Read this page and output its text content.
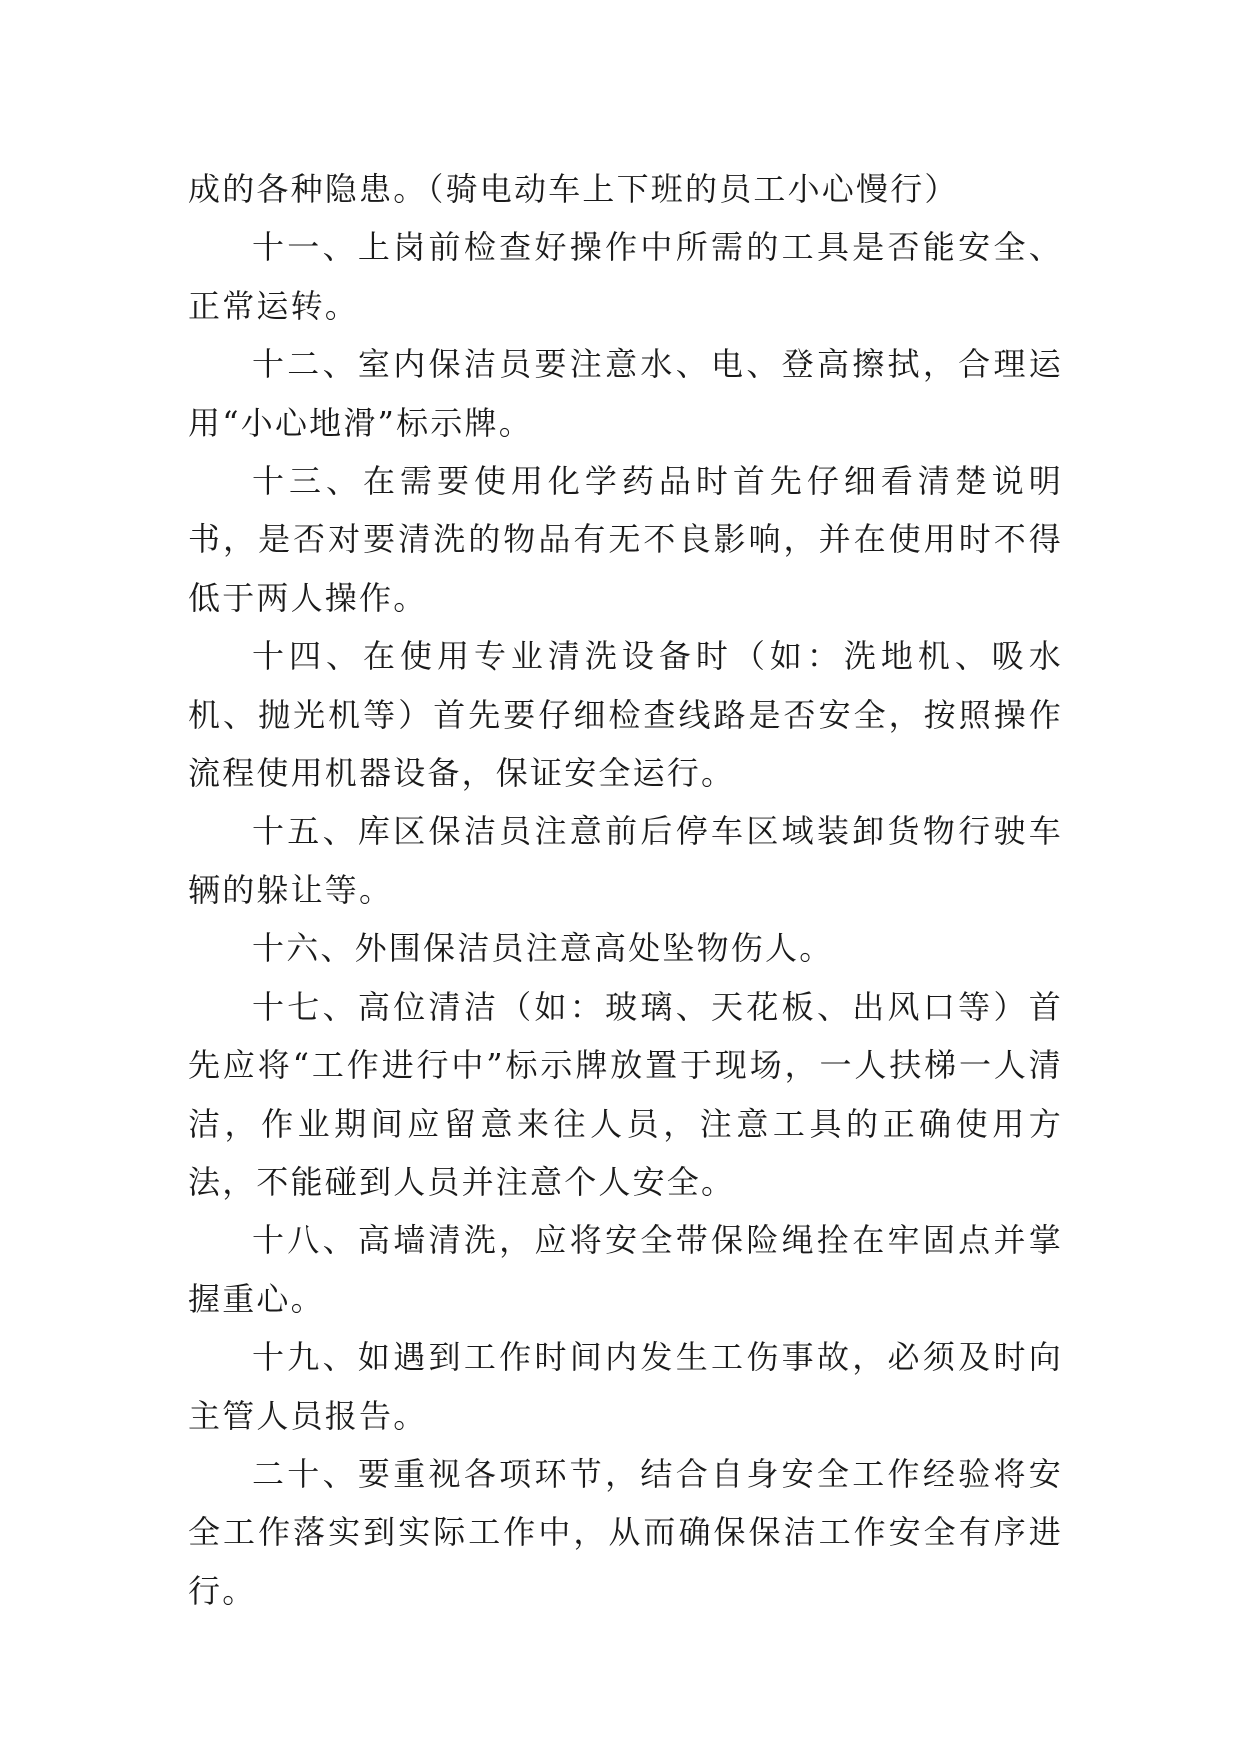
成的各种隐患。（骑电动车上下班的员工小心慢行）

十一、上岗前检查好操作中所需的工具是否能安全、正常运转。

十二、室内保洁员要注意水、电、登高擦拭，合理运用“小心地滑”标示牌。

十三、在需要使用化学药品时首先仔细看清楚说明书，是否对要清洗的物品有无不良影响，并在使用时不得低于两人操作。

十四、在使用专业清洗设备时（如：洗地机、吸水机、抛光机等）首先要仔细检查线路是否安全，按照操作流程使用机器设备，保证安全运行。

十五、库区保洁员注意前后停车区域装卸货物行驶车辆的躲让等。

十六、外围保洁员注意高处坠物伤人。

十七、高位清洁（如：玻璃、天花板、出风口等）首先应将“工作进行中”标示牌放置于现场，一人扶梯一人清洁，作业期间应留意来往人员，注意工具的正确使用方法，不能碰到人员并注意个人安全。

十八、高墙清洗，应将安全带保险绳拴在牢固点并掌握重心。

十九、如遇到工作时间内发生工伤事故，必须及时向主管人员报告。

二十、要重视各项环节，结合自身安全工作经验将安全工作落实到实际工作中，从而确保保洁工作安全有序进行。
